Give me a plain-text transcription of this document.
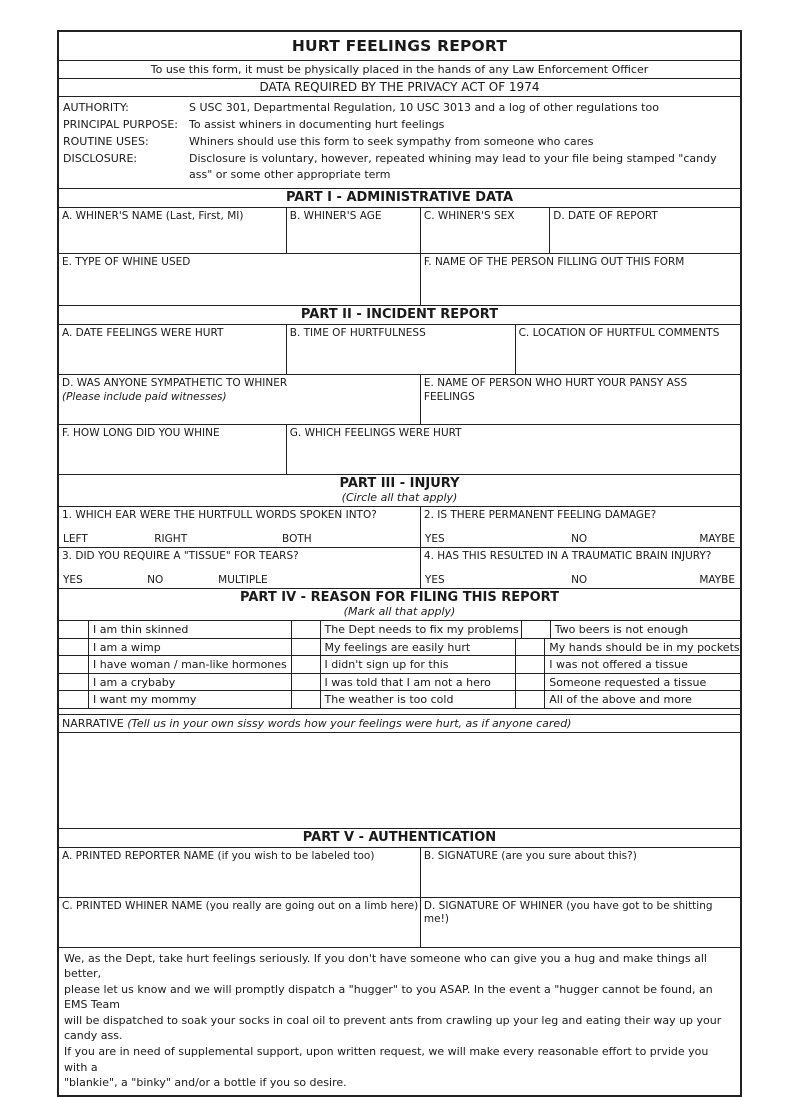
HURT FEELINGS REPORT
To use this form, it must be physically placed in the hands of any Law Enforcement Officer
DATA REQUIRED BY THE PRIVACY ACT OF 1974
AUTHORITY:	S USC 301, Departmental Regulation, 10 USC 3013 and a log of other regulations too
PRINCIPAL PURPOSE: To assist whiners in documenting hurt feelings
ROUTINE USES:	Whiners should use this form to seek sympathy from someone who cares
DISCLOSURE:	Disclosure is voluntary, however, repeated whining may lead to your file being stamped "candy ass" or some other appropriate term
PART I - ADMINISTRATIVE DATA
A. WHINER'S NAME (Last, First, MI)	B. WHINER'S AGE	C. WHINER'S SEX	D. DATE OF REPORT
E. TYPE OF WHINE USED	F. NAME OF THE PERSON FILLING OUT THIS FORM
PART II - INCIDENT REPORT
A. DATE FEELINGS WERE HURT	B. TIME OF HURTFULNESS	C. LOCATION OF HURTFUL COMMENTS
D. WAS ANYONE SYMPATHETIC TO WHINER
(Please include paid witnesses)
E. NAME OF PERSON WHO HURT YOUR PANSY ASS FEELINGS
F. HOW LONG DID YOU WHINE	G. WHICH FEELINGS WERE HURT
PART III - INJURY
(Circle all that apply)
1. WHICH EAR WERE THE HURTFULL WORDS SPOKEN INTO?
LEFT	RIGHT	BOTH
2. IS THERE PERMANENT FEELING DAMAGE?
YES	NO	MAYBE
3. DID YOU REQUIRE A "TISSUE" FOR TEARS?
YES	NO	MULTIPLE
4. HAS THIS RESULTED IN A TRAUMATIC BRAIN INJURY?
YES	NO	MAYBE
PART IV - REASON FOR FILING THIS REPORT
(Mark all that apply)
I am thin skinned	The Dept needs to fix my problems	Two beers is not enough
I am a wimp	My feelings are easily hurt	My hands should be in my pockets
I have woman / man-like hormones	I didn't sign up for this	I was not offered a tissue
I am a crybaby	I was told that I am not a hero	Someone requested a tissue
I want my mommy	The weather is too cold	All of the above and more
NARRATIVE (Tell us in your own sissy words how your feelings were hurt, as if anyone cared)
PART V - AUTHENTICATION
A. PRINTED REPORTER NAME (if you wish to be labeled too)	B. SIGNATURE (are you sure about this?)
C. PRINTED WHINER NAME (you really are going out on a limb here) D. SIGNATURE OF WHINER (you have got to be shitting me!)
We, as the Dept, take hurt feelings seriously. If you don't have someone who can give you a hug and make things all better,
please let us know and we will promptly dispatch a "hugger" to you ASAP. In the event a "hugger cannot be found, an EMS Team
will be dispatched to soak your socks in coal oil to prevent ants from crawling up your leg and eating their way up your candy ass.
If you are in need of supplemental support, upon written request, we will make every reasonable effort to prvide you with a
"blankie", a "binky" and/or a bottle if you so desire.
